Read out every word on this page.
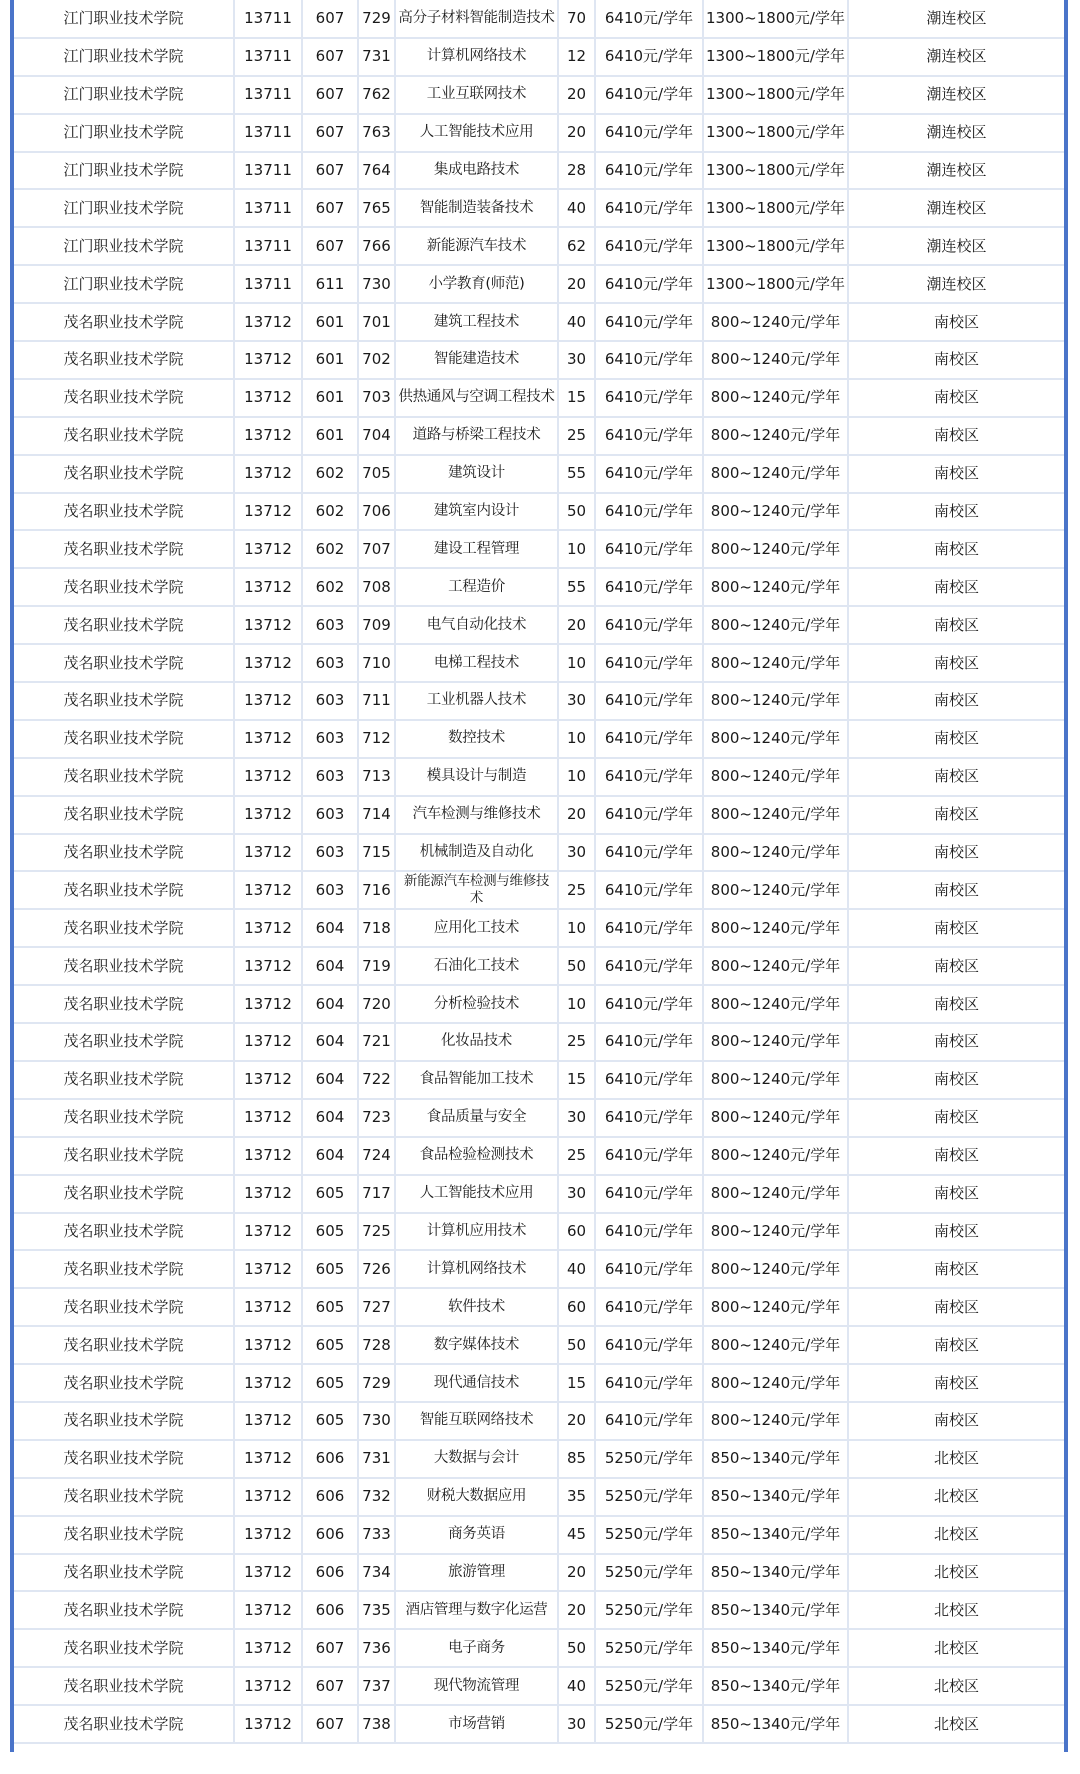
江门职业技术学院	13711	607	729	高分子材料智能制造技术	70	6410元/学年	1300~1800元/学年	潮连校区
江门职业技术学院	13711	607	731	计算机网络技术	12	6410元/学年	1300~1800元/学年	潮连校区
江门职业技术学院	13711	607	762	工业互联网技术	20	6410元/学年	1300~1800元/学年	潮连校区
江门职业技术学院	13711	607	763	人工智能技术应用	20	6410元/学年	1300~1800元/学年	潮连校区
江门职业技术学院	13711	607	764	集成电路技术	28	6410元/学年	1300~1800元/学年	潮连校区
江门职业技术学院	13711	607	765	智能制造装备技术	40	6410元/学年	1300~1800元/学年	潮连校区
江门职业技术学院	13711	607	766	新能源汽车技术	62	6410元/学年	1300~1800元/学年	潮连校区
江门职业技术学院	13711	611	730	小学教育(师范)	20	6410元/学年	1300~1800元/学年	潮连校区
茂名职业技术学院	13712	601	701	建筑工程技术	40	6410元/学年	800~1240元/学年	南校区
茂名职业技术学院	13712	601	702	智能建造技术	30	6410元/学年	800~1240元/学年	南校区
茂名职业技术学院	13712	601	703	供热通风与空调工程技术	15	6410元/学年	800~1240元/学年	南校区
茂名职业技术学院	13712	601	704	道路与桥梁工程技术	25	6410元/学年	800~1240元/学年	南校区
茂名职业技术学院	13712	602	705	建筑设计	55	6410元/学年	800~1240元/学年	南校区
茂名职业技术学院	13712	602	706	建筑室内设计	50	6410元/学年	800~1240元/学年	南校区
茂名职业技术学院	13712	602	707	建设工程管理	10	6410元/学年	800~1240元/学年	南校区
茂名职业技术学院	13712	602	708	工程造价	55	6410元/学年	800~1240元/学年	南校区
茂名职业技术学院	13712	603	709	电气自动化技术	20	6410元/学年	800~1240元/学年	南校区
茂名职业技术学院	13712	603	710	电梯工程技术	10	6410元/学年	800~1240元/学年	南校区
茂名职业技术学院	13712	603	711	工业机器人技术	30	6410元/学年	800~1240元/学年	南校区
茂名职业技术学院	13712	603	712	数控技术	10	6410元/学年	800~1240元/学年	南校区
茂名职业技术学院	13712	603	713	模具设计与制造	10	6410元/学年	800~1240元/学年	南校区
茂名职业技术学院	13712	603	714	汽车检测与维修技术	20	6410元/学年	800~1240元/学年	南校区
茂名职业技术学院	13712	603	715	机械制造及自动化	30	6410元/学年	800~1240元/学年	南校区
茂名职业技术学院	13712	603	716	新能源汽车检测与维修技术	25	6410元/学年	800~1240元/学年	南校区
茂名职业技术学院	13712	604	718	应用化工技术	10	6410元/学年	800~1240元/学年	南校区
茂名职业技术学院	13712	604	719	石油化工技术	50	6410元/学年	800~1240元/学年	南校区
茂名职业技术学院	13712	604	720	分析检验技术	10	6410元/学年	800~1240元/学年	南校区
茂名职业技术学院	13712	604	721	化妆品技术	25	6410元/学年	800~1240元/学年	南校区
茂名职业技术学院	13712	604	722	食品智能加工技术	15	6410元/学年	800~1240元/学年	南校区
茂名职业技术学院	13712	604	723	食品质量与安全	30	6410元/学年	800~1240元/学年	南校区
茂名职业技术学院	13712	604	724	食品检验检测技术	25	6410元/学年	800~1240元/学年	南校区
茂名职业技术学院	13712	605	717	人工智能技术应用	30	6410元/学年	800~1240元/学年	南校区
茂名职业技术学院	13712	605	725	计算机应用技术	60	6410元/学年	800~1240元/学年	南校区
茂名职业技术学院	13712	605	726	计算机网络技术	40	6410元/学年	800~1240元/学年	南校区
茂名职业技术学院	13712	605	727	软件技术	60	6410元/学年	800~1240元/学年	南校区
茂名职业技术学院	13712	605	728	数字媒体技术	50	6410元/学年	800~1240元/学年	南校区
茂名职业技术学院	13712	605	729	现代通信技术	15	6410元/学年	800~1240元/学年	南校区
茂名职业技术学院	13712	605	730	智能互联网络技术	20	6410元/学年	800~1240元/学年	南校区
茂名职业技术学院	13712	606	731	大数据与会计	85	5250元/学年	850~1340元/学年	北校区
茂名职业技术学院	13712	606	732	财税大数据应用	35	5250元/学年	850~1340元/学年	北校区
茂名职业技术学院	13712	606	733	商务英语	45	5250元/学年	850~1340元/学年	北校区
茂名职业技术学院	13712	606	734	旅游管理	20	5250元/学年	850~1340元/学年	北校区
茂名职业技术学院	13712	606	735	酒店管理与数字化运营	20	5250元/学年	850~1340元/学年	北校区
茂名职业技术学院	13712	607	736	电子商务	50	5250元/学年	850~1340元/学年	北校区
茂名职业技术学院	13712	607	737	现代物流管理	40	5250元/学年	850~1340元/学年	北校区
茂名职业技术学院	13712	607	738	市场营销	30	5250元/学年	850~1340元/学年	北校区
